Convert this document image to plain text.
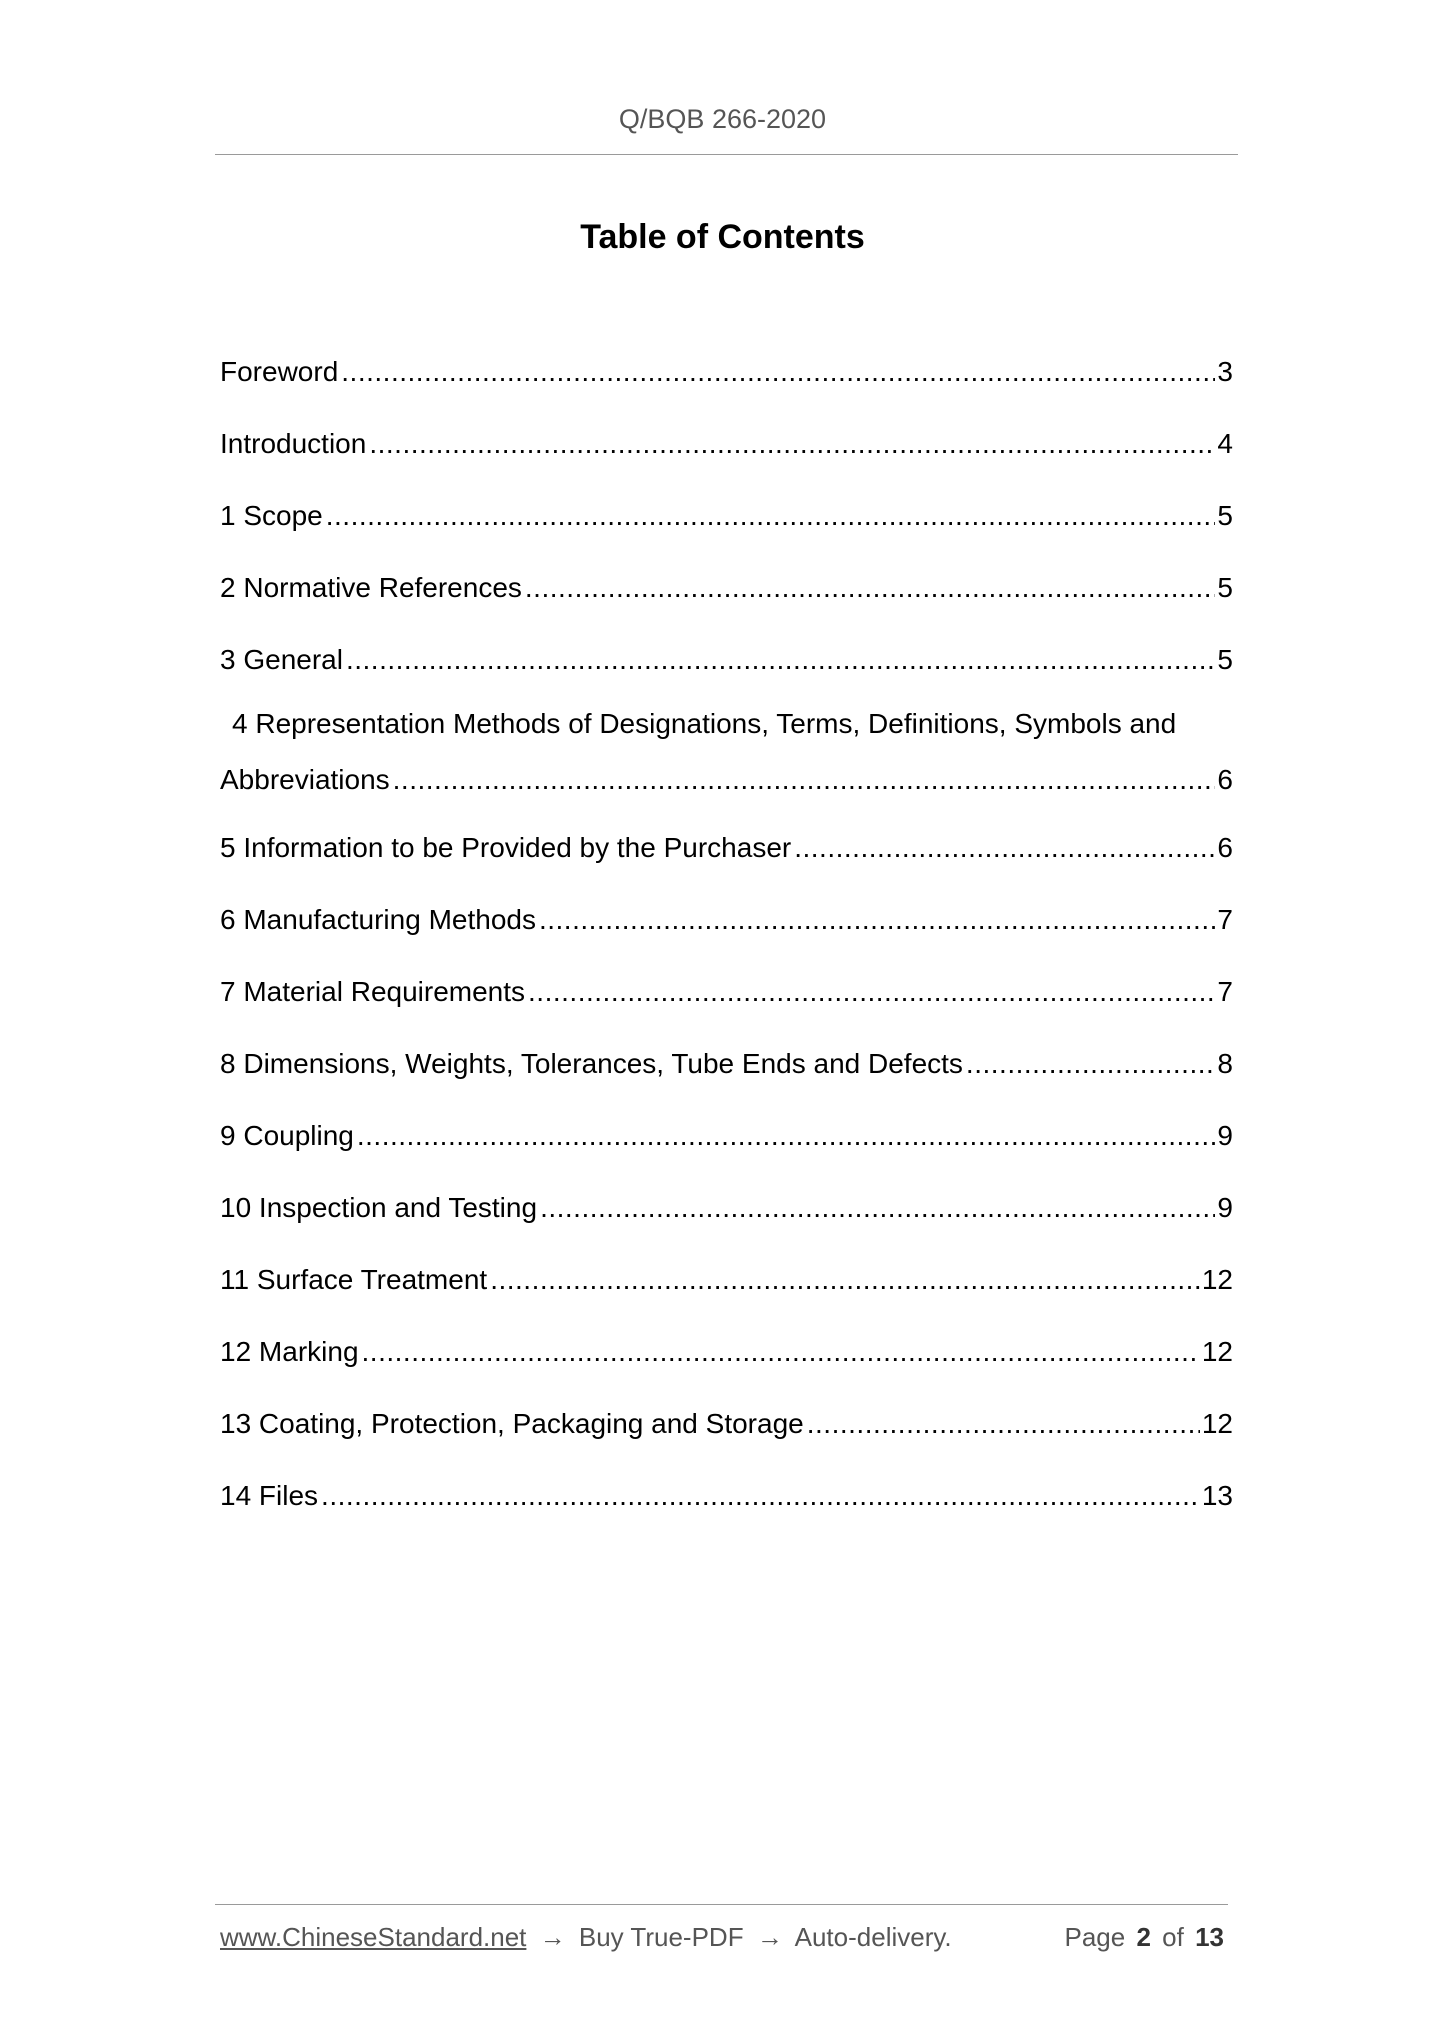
Q/BQB 266-2020
Table of Contents
Foreword .....	3
Introduction .....	4
1 Scope .....	5
2 Normative References .....	5
3 General .....	5
4 Representation Methods of Designations, Terms, Definitions, Symbols and
Abbreviations .....	6
5 Information to be Provided by the Purchaser .....	6
6 Manufacturing Methods .....	7
7 Material Requirements .....	7
8 Dimensions, Weights, Tolerances, Tube Ends and Defects .....	8
9 Coupling .....	9
10 Inspection and Testing .....	9
11 Surface Treatment .....	12
12 Marking .....	12
13 Coating, Protection, Packaging and Storage .....	12
14 Files .....	13
www.ChineseStandard.net → Buy True-PDF → Auto-delivery.	Page 2 of 13
